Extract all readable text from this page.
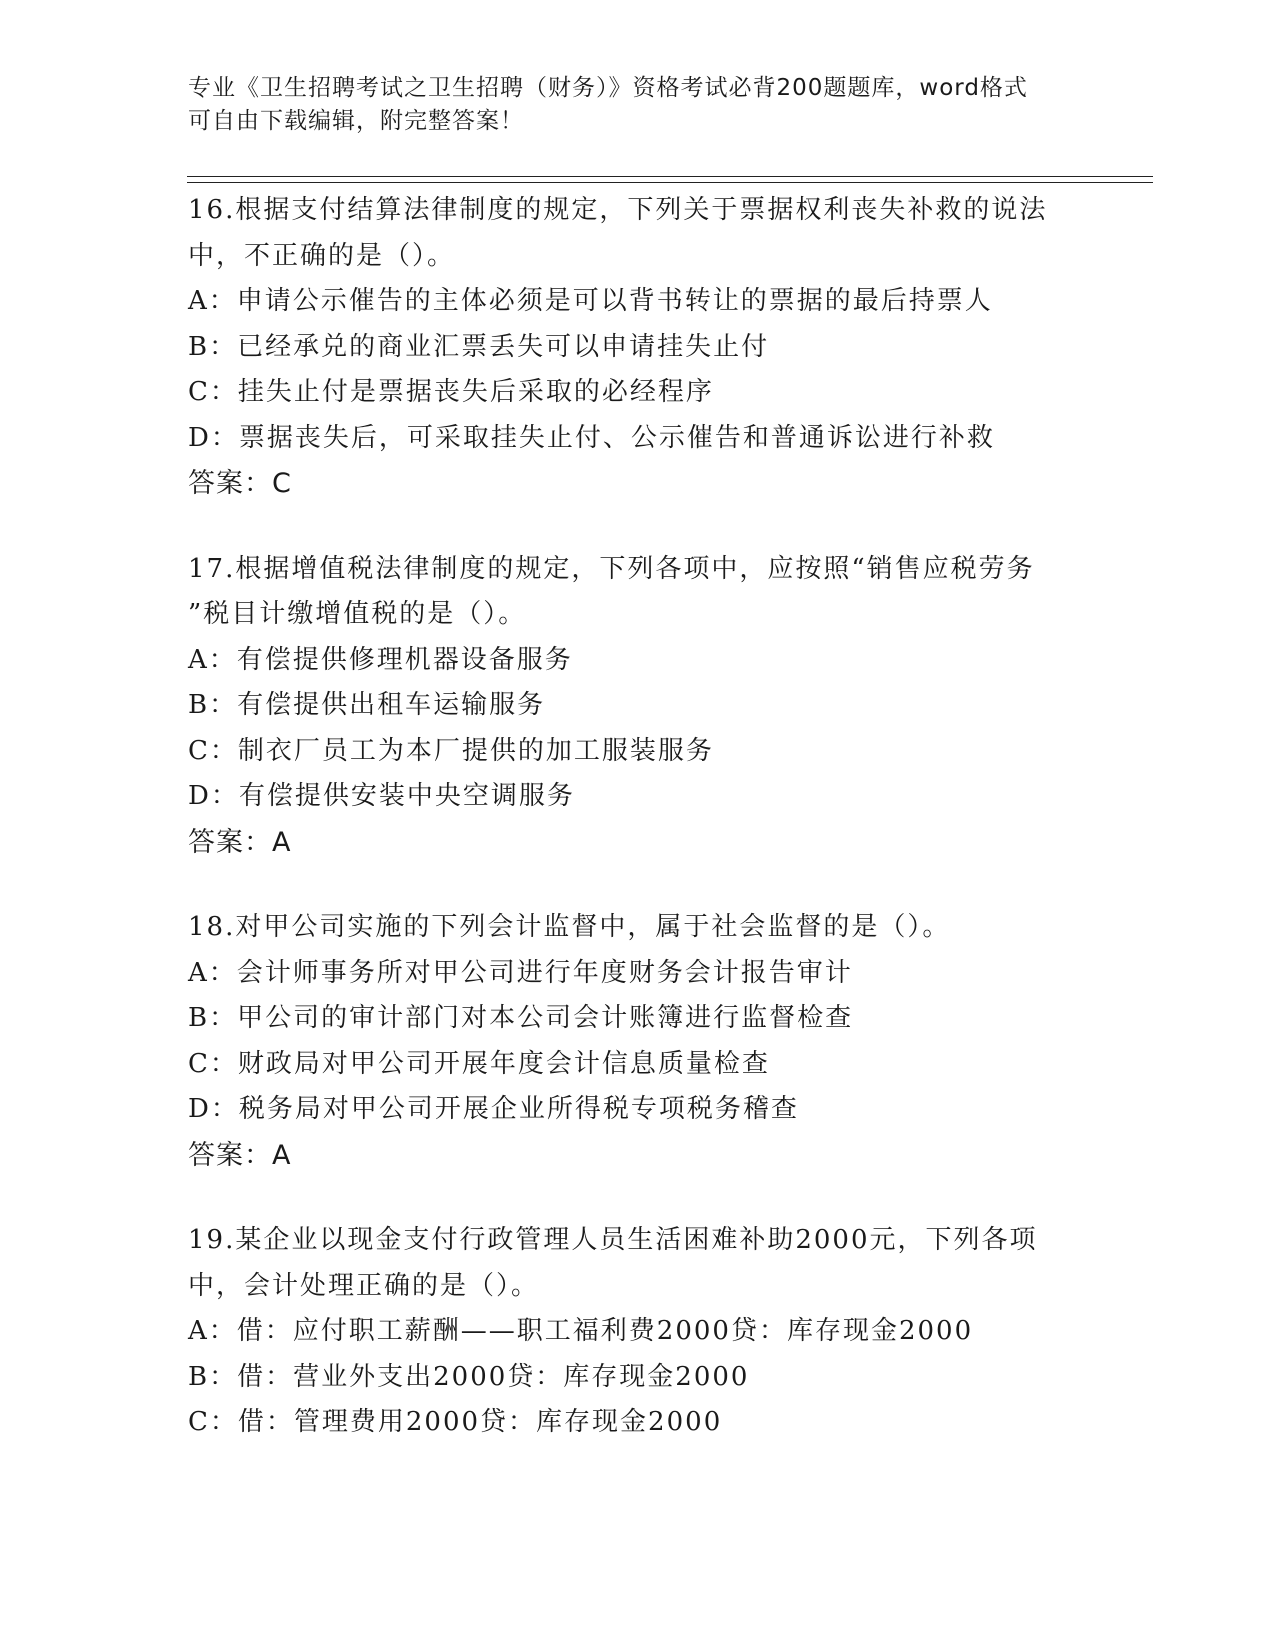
专业《卫生招聘考试之卫生招聘（财务）》资格考试必背200题题库，word格式
可自由下载编辑，附完整答案！
16.根据支付结算法律制度的规定，下列关于票据权利丧失补救的说法
中，不正确的是（）。
A：申请公示催告的主体必须是可以背书转让的票据的最后持票人
B：已经承兑的商业汇票丢失可以申请挂失止付
C：挂失止付是票据丧失后采取的必经程序
D：票据丧失后，可采取挂失止付、公示催告和普通诉讼进行补救
答案：C
17.根据增值税法律制度的规定，下列各项中，应按照“销售应税劳务
”税目计缴增值税的是（）。
A：有偿提供修理机器设备服务
B：有偿提供出租车运输服务
C：制衣厂员工为本厂提供的加工服装服务
D：有偿提供安装中央空调服务
答案：A
18.对甲公司实施的下列会计监督中，属于社会监督的是（）。
A：会计师事务所对甲公司进行年度财务会计报告审计
B：甲公司的审计部门对本公司会计账簿进行监督检查
C：财政局对甲公司开展年度会计信息质量检查
D：税务局对甲公司开展企业所得税专项税务稽查
答案：A
19.某企业以现金支付行政管理人员生活困难补助2000元，下列各项
中，会计处理正确的是（）。
A：借：应付职工薪酬——职工福利费2000贷：库存现金2000
B：借：营业外支出2000贷：库存现金2000
C：借：管理费用2000贷：库存现金2000
